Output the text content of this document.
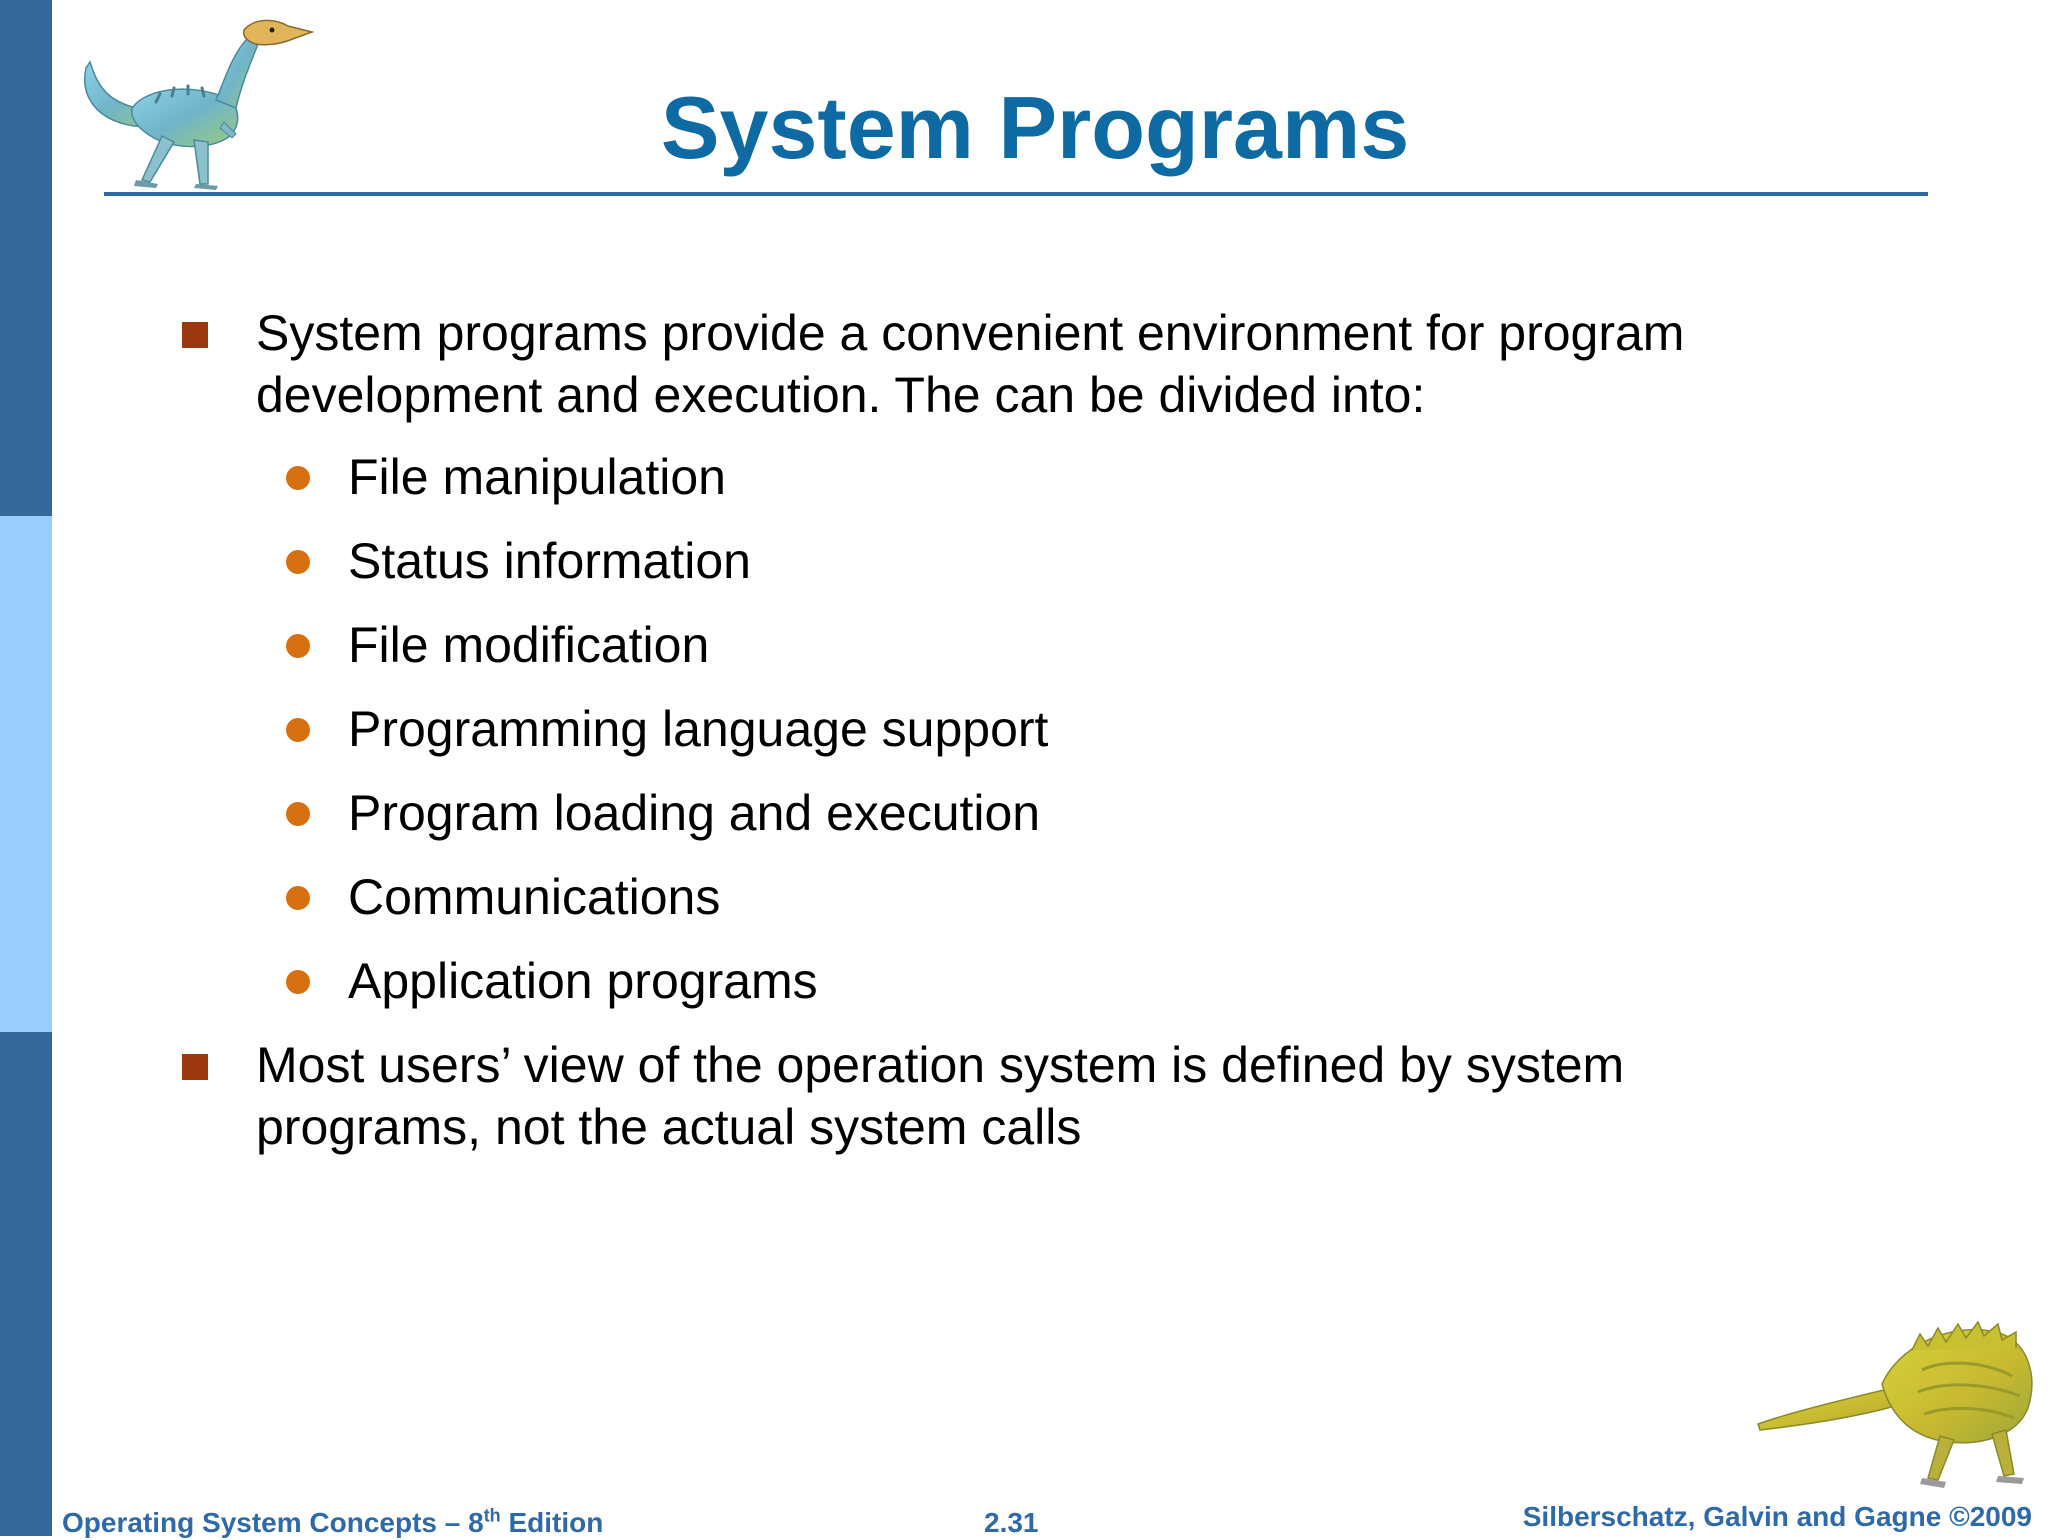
System Programs
System programs provide a convenient environment for program
development and execution. The can be divided into:
File manipulation
Status information
File modification
Programming language support
Program loading and execution
Communications
Application programs
Most users’ view of the operation system is defined by system
programs, not the actual system calls
Operating System Concepts – 8th Edition	2.31	Silberschatz, Galvin and Gagne ©2009
